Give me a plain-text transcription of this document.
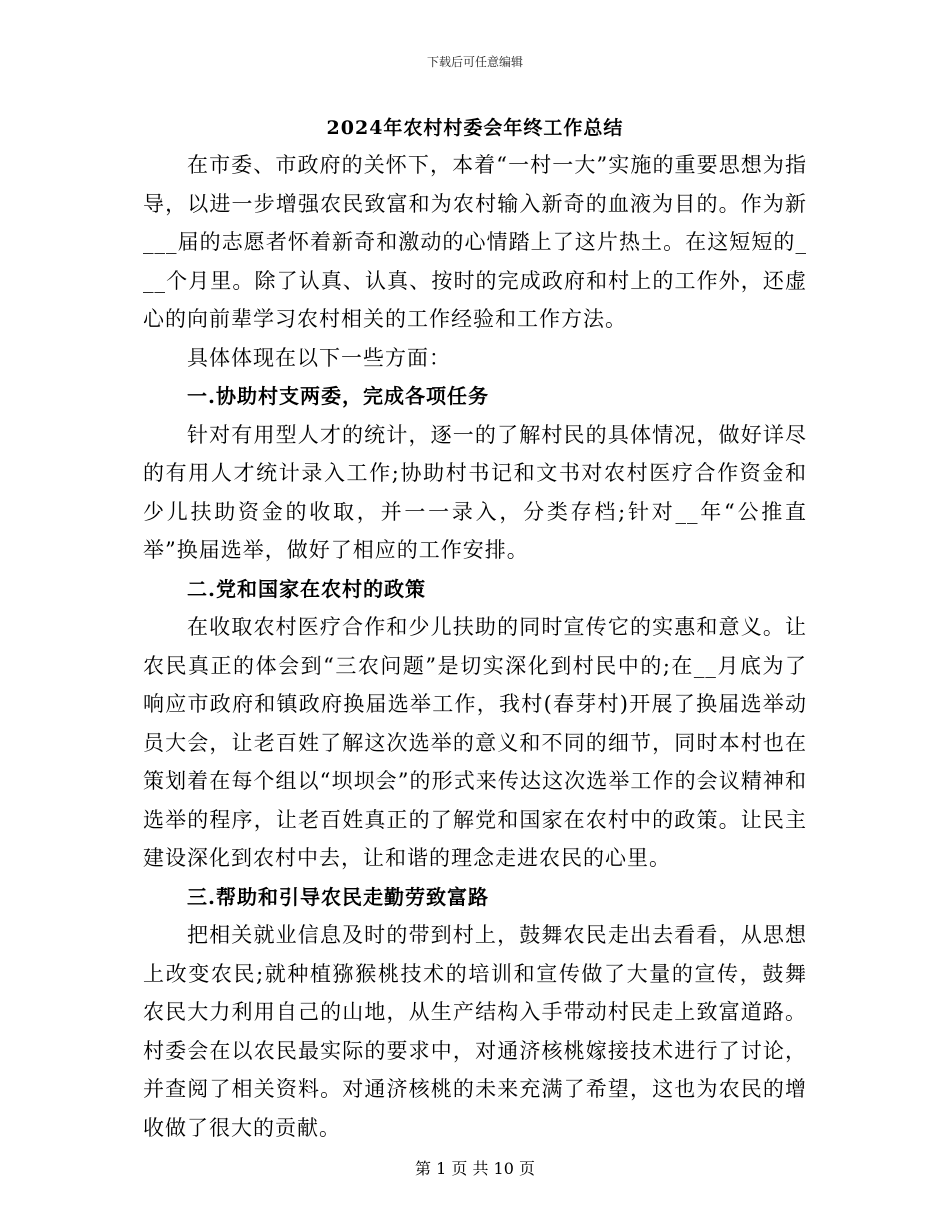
下载后可任意编辑
2024年农村村委会年终工作总结

在市委、市政府的关怀下，本着“一村一大”实施的重要思想为指导，以进一步增强农民致富和为农村输入新奇的血液为目的。作为新___届的志愿者怀着新奇和激动的心情踏上了这片热土。在这短短的___个月里。除了认真、认真、按时的完成政府和村上的工作外，还虚心的向前辈学习农村相关的工作经验和工作方法。

具体体现在以下一些方面：

一.协助村支两委，完成各项任务

针对有用型人才的统计，逐一的了解村民的具体情况，做好详尽的有用人才统计录入工作;协助村书记和文书对农村医疗合作资金和少儿扶助资金的收取，并一一录入，分类存档;针对__年“公推直举”换届选举，做好了相应的工作安排。

二.党和国家在农村的政策

在收取农村医疗合作和少儿扶助的同时宣传它的实惠和意义。让农民真正的体会到“三农问题”是切实深化到村民中的;在__月底为了响应市政府和镇政府换届选举工作，我村(春芽村)开展了换届选举动员大会，让老百姓了解这次选举的意义和不同的细节，同时本村也在策划着在每个组以“坝坝会”的形式来传达这次选举工作的会议精神和选举的程序，让老百姓真正的了解党和国家在农村中的政策。让民主建设深化到农村中去，让和谐的理念走进农民的心里。

三.帮助和引导农民走勤劳致富路

把相关就业信息及时的带到村上，鼓舞农民走出去看看，从思想上改变农民;就种植猕猴桃技术的培训和宣传做了大量的宣传，鼓舞农民大力利用自己的山地，从生产结构入手带动村民走上致富道路。村委会在以农民最实际的要求中，对通济核桃嫁接技术进行了讨论，并查阅了相关资料。对通济核桃的未来充满了希望，这也为农民的增收做了很大的贡献。

第 1 页 共 10 页
